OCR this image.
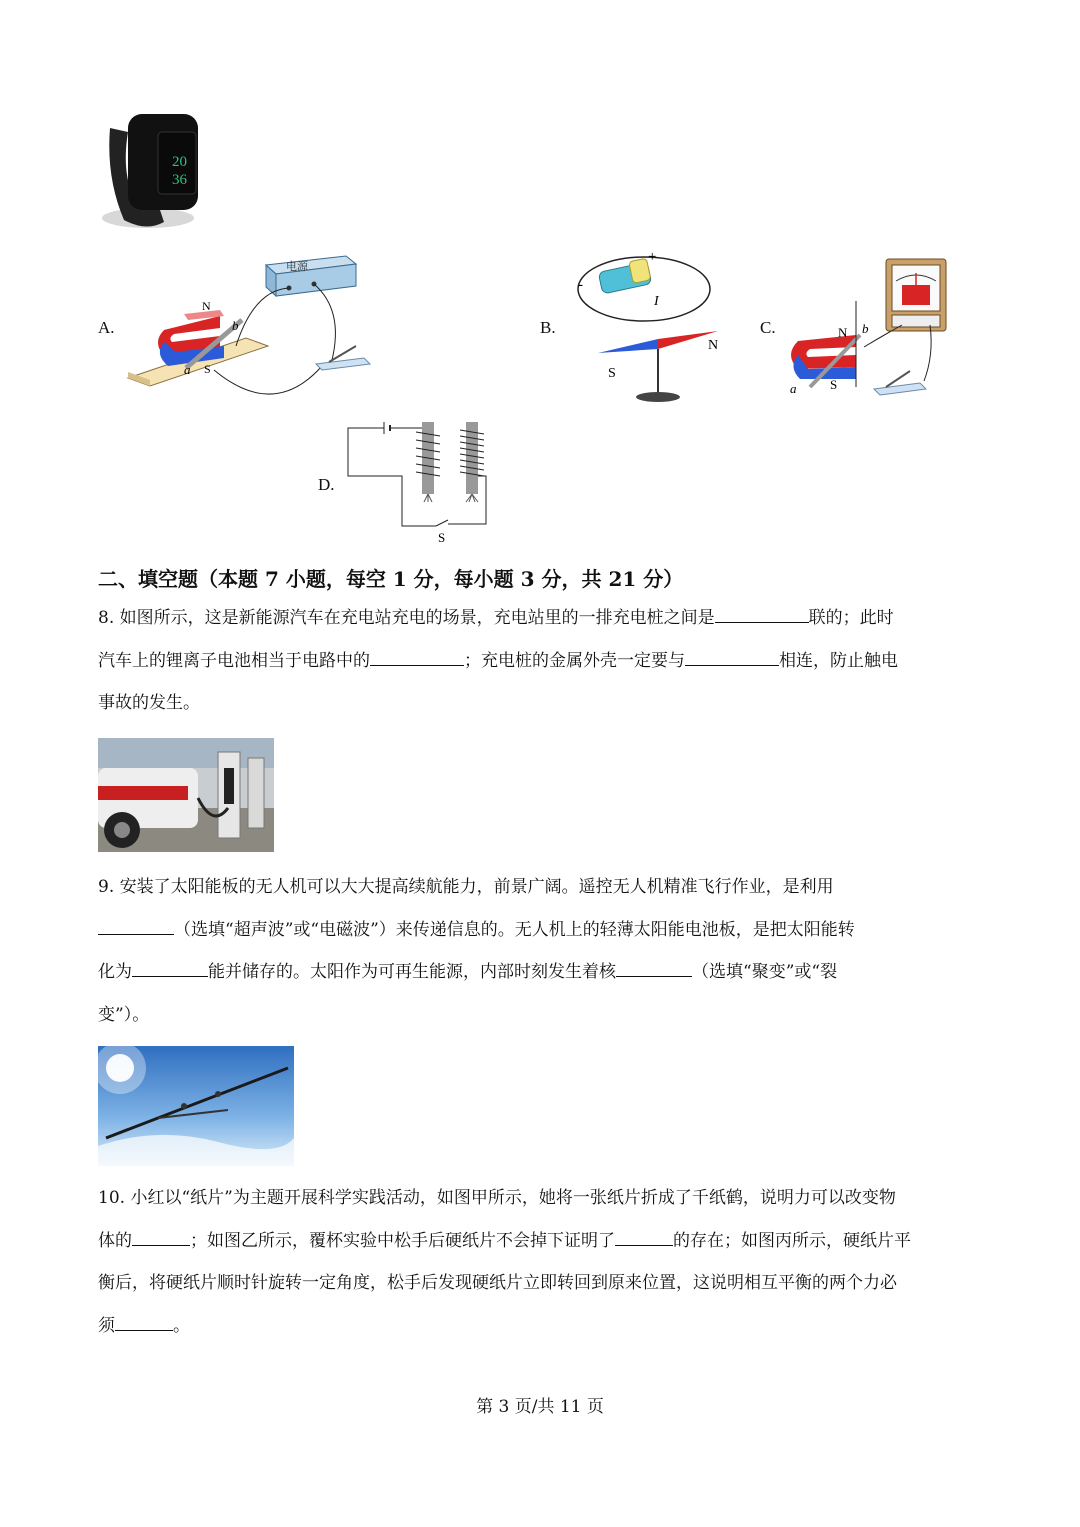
20
36
A.
电源
N
S
a
b	B.
+
-
I
S
N
C.	N
S
a
b
D.
S
二、填空题（本题 7 小题，每空 1 分，每小题 3 分，共 21 分）
8. 如图所示，这是新能源汽车在充电站充电的场景，充电站里的一排充电桩之间是	联的；此时
汽车上的锂离子电池相当于电路中的	；充电桩的金属外壳一定要与	相连，防止触电
事故的发生。
9. 安装了太阳能板的无人机可以大大提高续航能力，前景广阔。遥控无人机精准飞行作业，是利用
（选填“超声波”或“电磁波”）来传递信息的。无人机上的轻薄太阳能电池板，是把太阳能转
化为	能并储存的。太阳作为可再生能源，内部时刻发生着核	（选填“聚变”或“裂
变”）。
10. 小红以“纸片”为主题开展科学实践活动，如图甲所示，她将一张纸片折成了千纸鹤，说明力可以改变物
体的	；如图乙所示，覆杯实验中松手后硬纸片不会掉下证明了	的存在；如图丙所示，硬纸片平
衡后，将硬纸片顺时针旋转一定角度，松手后发现硬纸片立即转回到原来位置，这说明相互平衡的两个力必
须	。
第 3 页/共 11 页
